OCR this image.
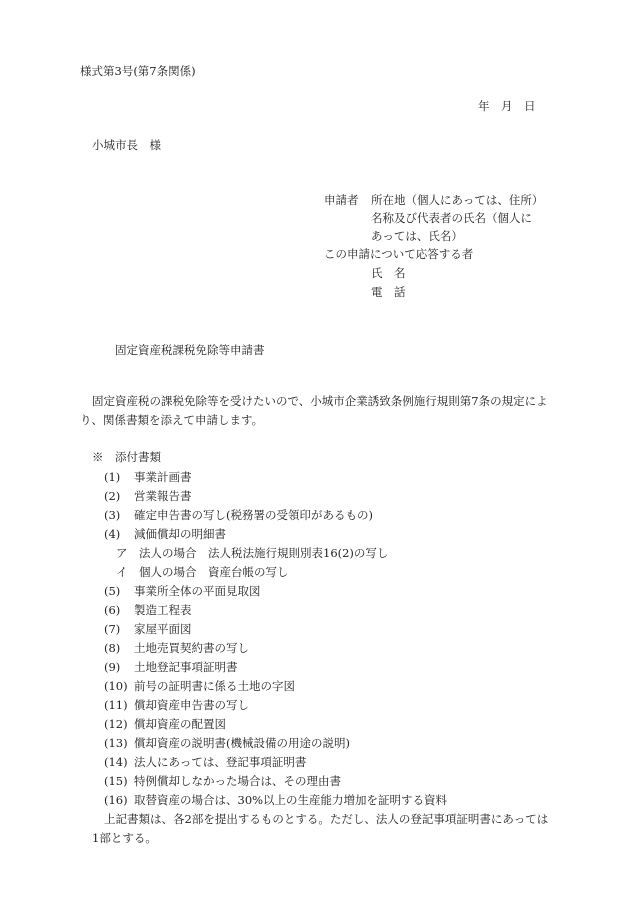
様式第3号(第7条関係)
年　月　日
小城市長　様
申請者 所在地（個人にあっては、住所）
名称及び代表者の氏名（個人に
あっては、氏名）
この申請について応答する者
氏　名
電　話
固定資産税課税免除等申請書
固定資産税の課税免除等を受けたいので、小城市企業誘致条例施行規則第7条の規定によ
り、関係書類を添えて申請します。
※　添付書類
(1) 事業計画書
(2) 営業報告書
(3) 確定申告書の写し(税務署の受領印があるもの)
(4) 減価償却の明細書
ア　法人の場合　法人税法施行規則別表16(2)の写し
イ　個人の場合　資産台帳の写し
(5) 事業所全体の平面見取図
(6) 製造工程表
(7) 家屋平面図
(8) 土地売買契約書の写し
(9) 土地登記事項証明書
(10) 前号の証明書に係る土地の字図
(11) 償却資産申告書の写し
(12) 償却資産の配置図
(13) 償却資産の説明書(機械設備の用途の説明)
(14) 法人にあっては、登記事項証明書
(15) 特例償却しなかった場合は、その理由書
(16) 取替資産の場合は、30%以上の生産能力増加を証明する資料
上記書類は、各2部を提出するものとする。ただし、法人の登記事項証明書にあっては
1部とする。
